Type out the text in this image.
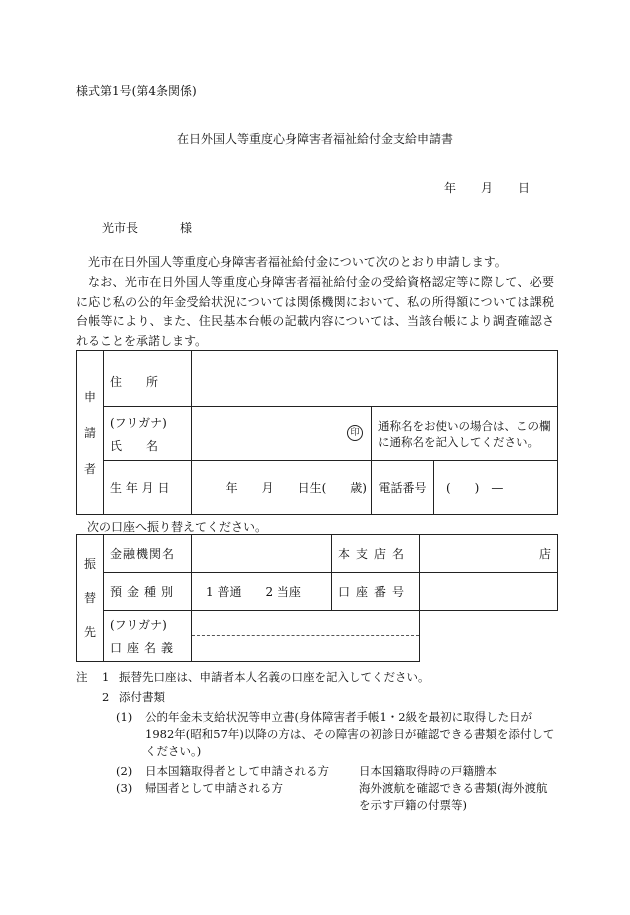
様式第1号(第4条関係)
在日外国人等重度心身障害者福祉給付金支給申請書
年 月 日
光市長	様
光市在日外国人等重度心身障害者福祉給付金について次のとおり申請します。
なお、光市在日外国人等重度心身障害者福祉給付金の受給資格認定等に際して、必要に応じ私の公的年金受給状況については関係機関において、私の所得額については課税台帳等により、また、住民基本台帳の記載内容については、当該台帳により調査確認されることを承諾します。
申
請
者	住　　所			

	(フリガナ)
氏　　名	印	通称名をお使いの場合は、この欄に通称名を記入してください。	
	生 年 月 日	年　　月　　日生(　　歳)	電話番号	(　　)　—
次の口座へ振り替えてください。
振
替
先	金融機関名		本支店名	店
	預金種別	1 普通　　2 当座	口座番号	

	(フリガナ)
口座名義			

注 1 振替先口座は、申請者本人名義の口座を記入してください。
2 添付書類
(1) 公的年金未支給状況等申立書(身体障害者手帳1・2級を最初に取得した日が　1982年(昭和57年)以降の方は、その障害の初診日が確認できる書類を添付してください。)
(2) 日本国籍取得者として申請される方	日本国籍取得時の戸籍謄本
(3) 帰国者として申請される方	海外渡航を確認できる書類(海外渡航を示す戸籍の付票等)
